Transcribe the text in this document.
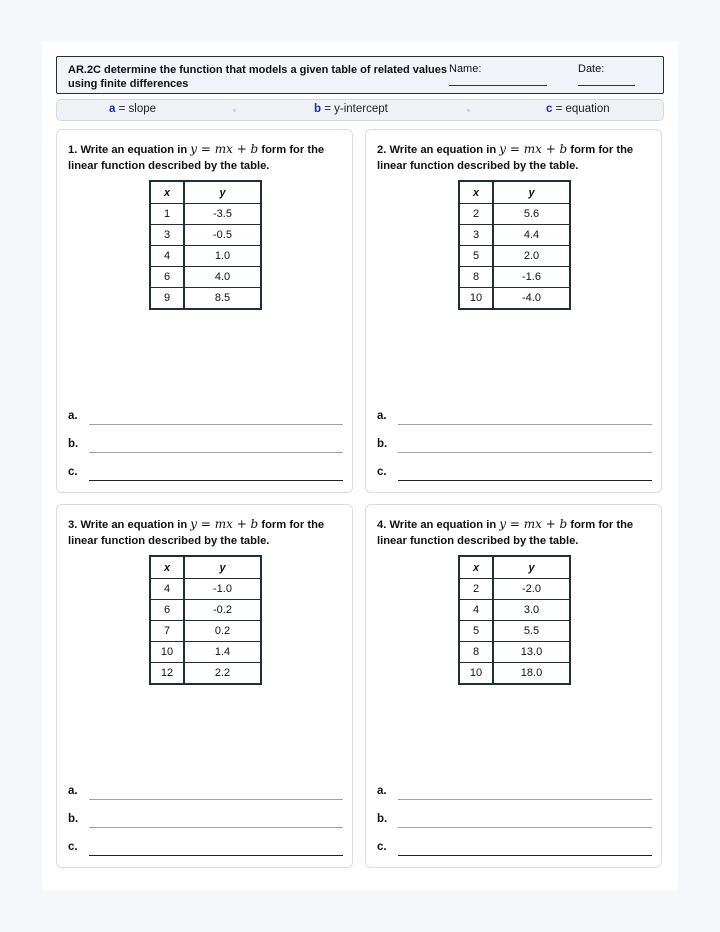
AR.2C determine the function that models a given table of related values using finite differences
Name:	Date:
a = slope	b = y-intercept	c = equation
1. Write an equation in y = mx + b form for the
linear function described by the table.
x	y
1	-3.5
3	-0.5
4	1.0
6	4.0
9	8.5
a.
b.
c.
2. Write an equation in y = mx + b form for the
linear function described by the table.
x	y
2	5.6
3	4.4
5	2.0
8	-1.6
10	-4.0
a.
b.
c.
3. Write an equation in y = mx + b form for the
linear function described by the table.
x	y
4	-1.0
6	-0.2
7	0.2
10	1.4
12	2.2
a.
b.
c.
4. Write an equation in y = mx + b form for the
linear function described by the table.
x	y
2	-2.0
4	3.0
5	5.5
8	13.0
10	18.0
a.
b.
c.
